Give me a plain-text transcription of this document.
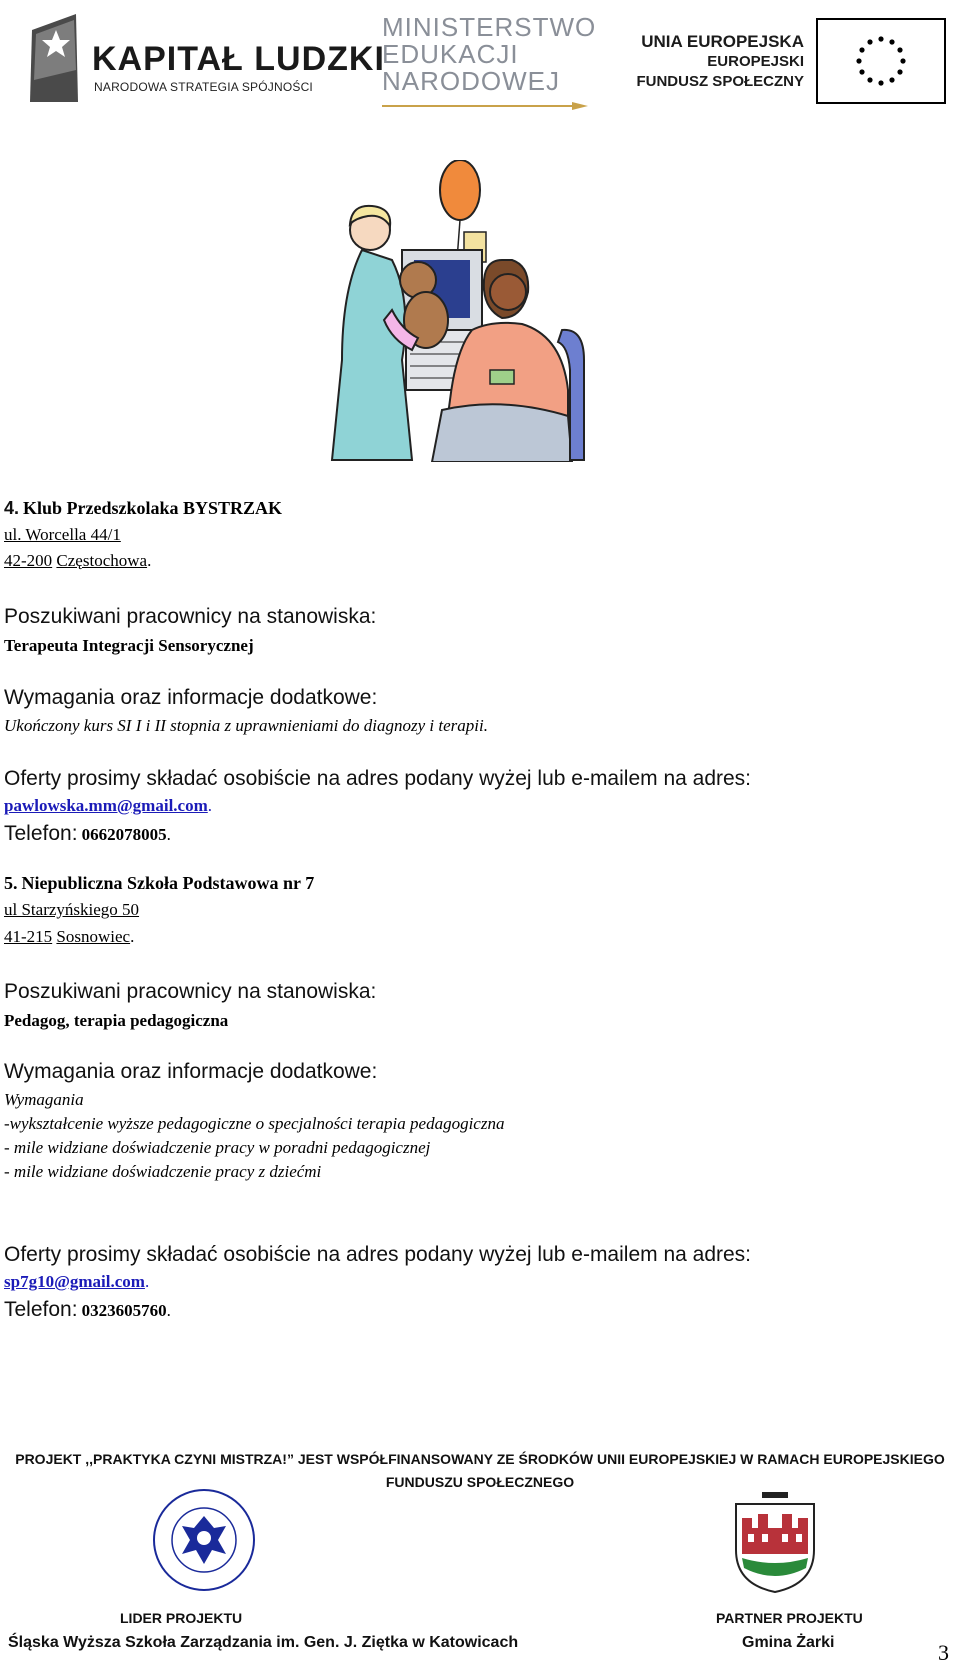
KAPITAŁ LUDZKI
NARODOWA STRATEGIA SPÓJNOŚCI
MINISTERSTWO
EDUKACJI
NARODOWEJ
UNIA EUROPEJSKA
EUROPEJSKI
FUNDUSZ SPOŁECZNY
4. Klub Przedszkolaka BYSTRZAK
ul. Worcella 44/1
42-200 Częstochowa.
Poszukiwani pracownicy na stanowiska:
Terapeuta Integracji Sensorycznej
Wymagania oraz informacje dodatkowe:
Ukończony kurs SI I i II stopnia z uprawnieniami do diagnozy i terapii.
Oferty prosimy składać osobiście na adres podany wyżej lub e-mailem na adres:
pawlowska.mm@gmail.com.
Telefon: 0662078005.
5. Niepubliczna Szkoła Podstawowa nr 7
ul Starzyńskiego 50
41-215 Sosnowiec.
Poszukiwani pracownicy na stanowiska:
Pedagog, terapia pedagogiczna
Wymagania oraz informacje dodatkowe:
Wymagania
-wykształcenie wyższe pedagogiczne o specjalności terapia pedagogiczna
- mile widziane doświadczenie pracy w poradni pedagogicznej
- mile widziane doświadczenie pracy z dziećmi
Oferty prosimy składać osobiście na adres podany wyżej lub e-mailem na adres:
sp7g10@gmail.com.
Telefon: 0323605760.
PROJEKT ,,PRAKTYKA CZYNI MISTRZA!” JEST WSPÓŁFINANSOWANY ZE ŚRODKÓW UNII EUROPEJSKIEJ W RAMACH EUROPEJSKIEGO
FUNDUSZU SPOŁECZNEGO
LIDER PROJEKTU
Śląska Wyższa Szkoła Zarządzania im. Gen. J. Ziętka w Katowicach
PARTNER PROJEKTU
Gmina Żarki	3
